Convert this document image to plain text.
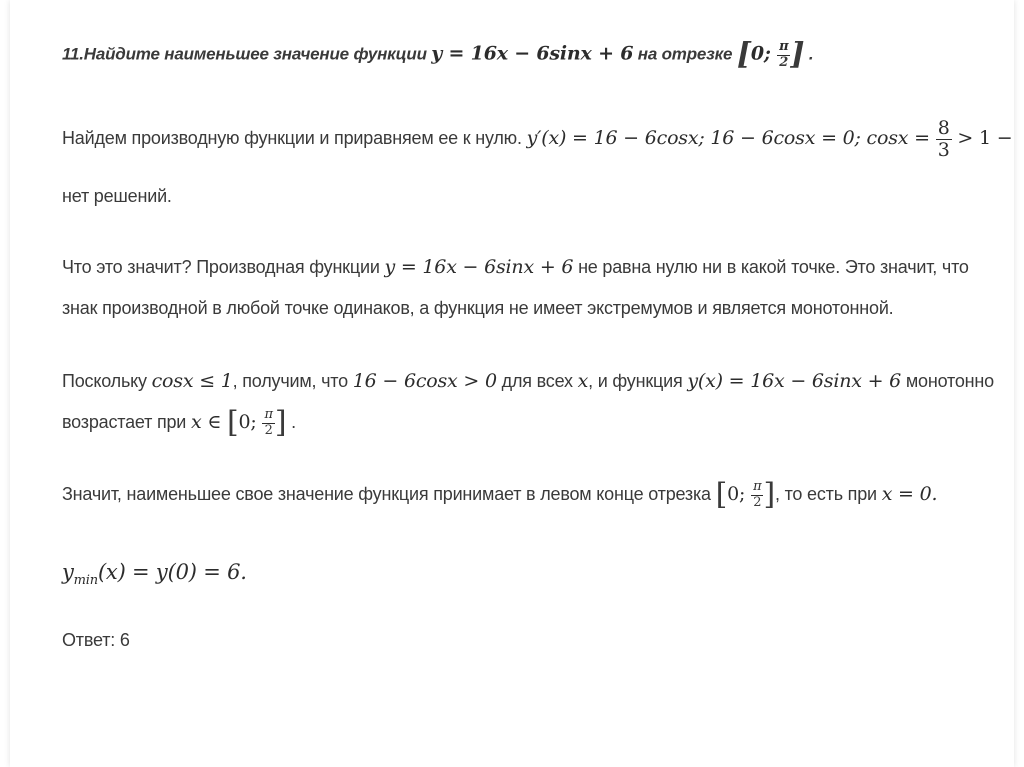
11.Найдите наименьшее значение функции y = 16x − 6sinx + 6 на отрезке [0; $\frac{\pi}{2}$ ] .
Найдем производную функции и приравняем ее к нулю. y′(x) = 16 − 6cosx; 16 − 6cosx = 0; $\cos x = \frac{8}{3} > 1$ −
нет решений.
Что это значит? Производная функции y = 16x − 6sinx + 6 не равна нулю ни в какой точке. Это значит, что
знак производной в любой точке одинаков, а функция не имеет экстремумов и является монотонной.
Поскольку cosx ≤ 1, получим, что 16 − 6cosx > 0 для всех x, и функция y(x) = 16x − 6sinx + 6 монотонно
возрастает при x ∈ [0; $\frac{\pi}{2}$ ] .
Значит, наименьшее свое значение функция принимает в левом конце отрезка [0; $\frac{\pi}{2}$ ], то есть при x = 0.
$y_{min}(x) = y(0) = 6$.
Ответ: 6
